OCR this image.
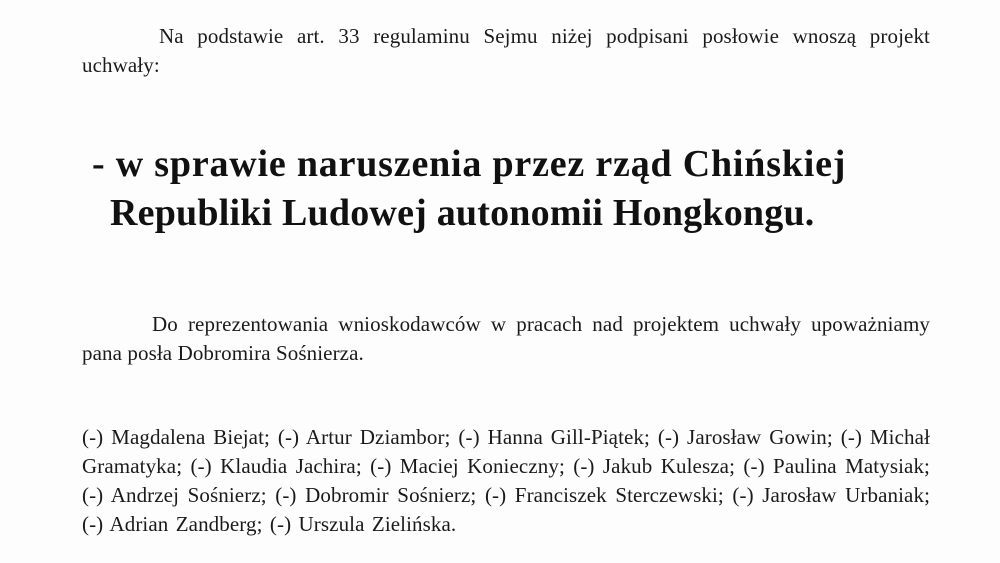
Na podstawie art. 33 regulaminu Sejmu niżej podpisani posłowie wnoszą projekt uchwały:

- w sprawie naruszenia przez rząd Chińskiej
Republiki Ludowej autonomii Hongkongu.

Do reprezentowania wnioskodawców w pracach nad projektem uchwały upoważniamy pana posła Dobromira Sośnierza.

(-) Magdalena Biejat; (-) Artur Dziambor; (-) Hanna Gill-Piątek; (-) Jarosław Gowin; (-) Michał Gramatyka; (-) Klaudia Jachira; (-) Maciej Konieczny; (-) Jakub Kulesza; (-) Paulina Matysiak; (-) Andrzej Sośnierz; (-) Dobromir Sośnierz; (-) Franciszek Sterczewski; (-) Jarosław Urbaniak; (-) Adrian Zandberg; (-) Urszula Zielińska.
